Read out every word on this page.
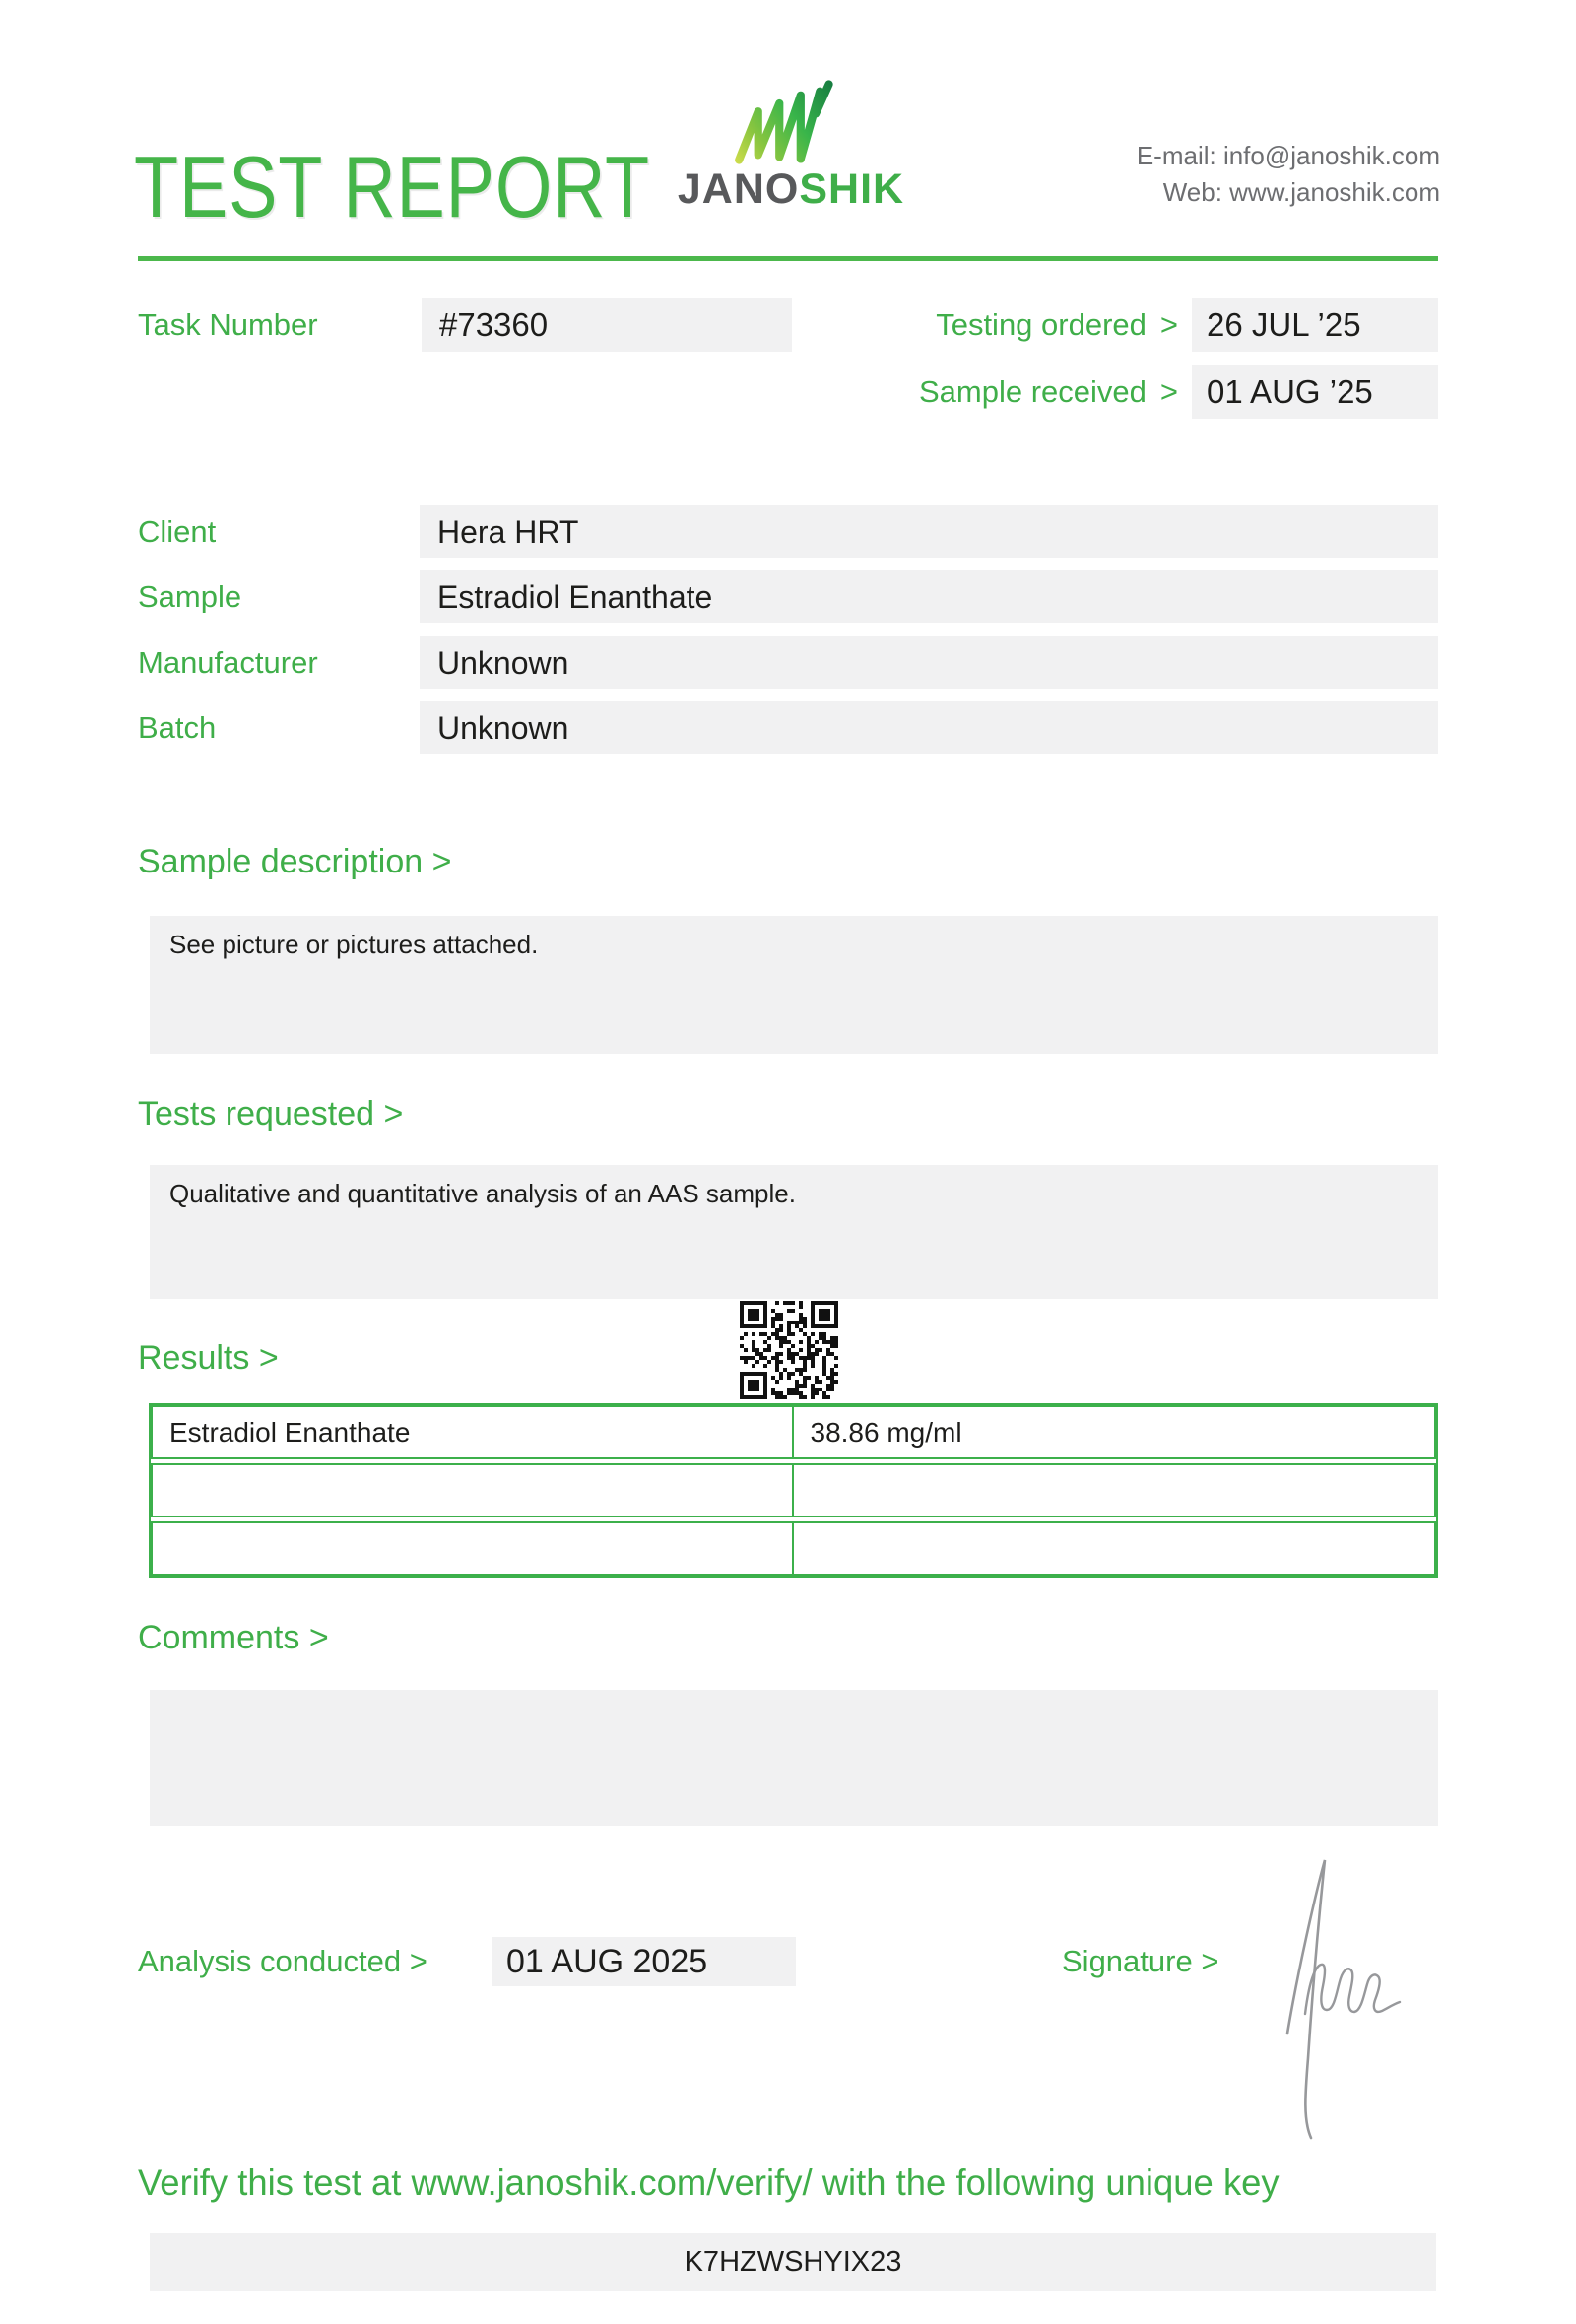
TEST REPORT JANOSHIK
E-mail: info@janoshik.com
Web: www.janoshik.com
Task Number	#73360	Testing ordered > 26 JUL ’25
Sample received > 01 AUG ’25
Client	Hera HRT
Sample	Estradiol Enanthate
Manufacturer	Unknown
Batch	Unknown
Sample description >
See picture or pictures attached.
Tests requested >
Qualitative and quantitative analysis of an AAS sample.
Results >
Estradiol Enanthate	38.86 mg/ml
Comments >
Analysis conducted >	01 AUG 2025	Signature >
Verify this test at www.janoshik.com/verify/ with the following unique key
K7HZWSHYIX23
